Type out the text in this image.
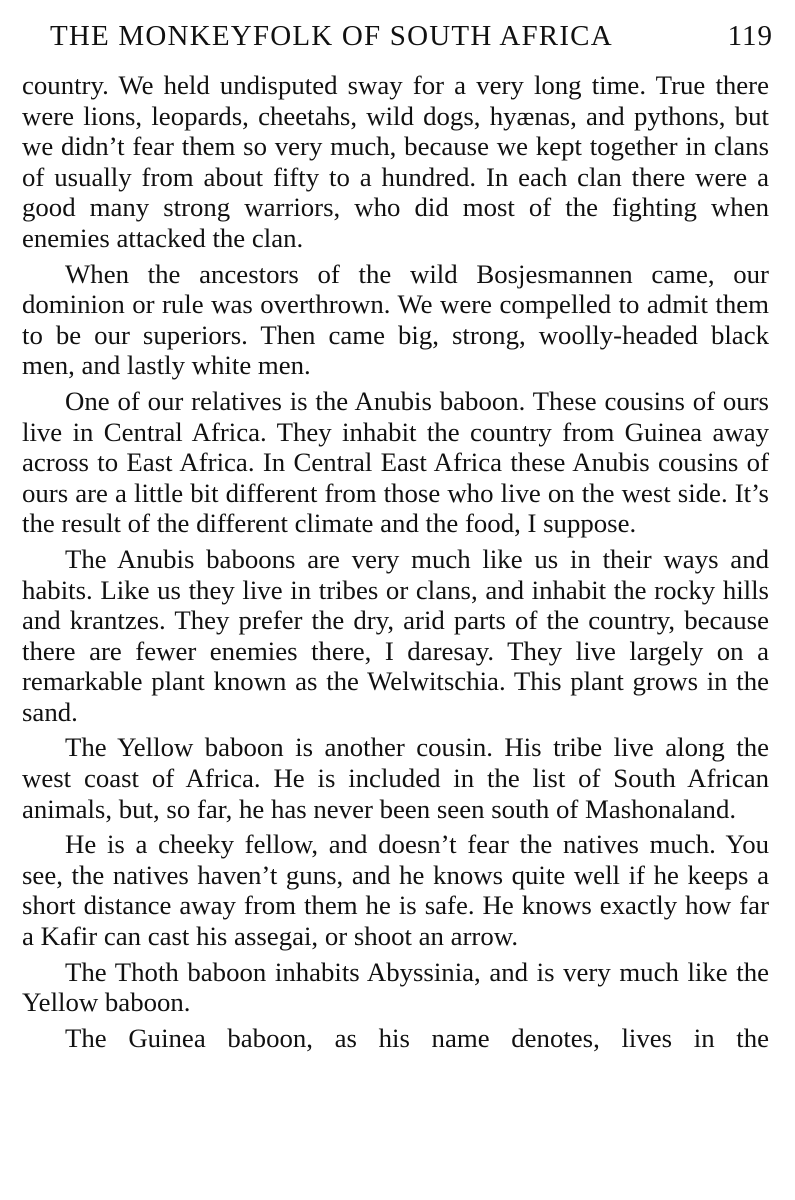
THE MONKEYFOLK OF SOUTH AFRICA	119

country. We held undisputed sway for a very long time. True there were lions, leopards, cheetahs, wild dogs, hyænas, and pythons, but we didn’t fear them so very much, because we kept together in clans of usually from about fifty to a hundred. In each clan there were a good many strong warriors, who did most of the fighting when enemies attacked the clan.

When the ancestors of the wild Bosjesmannen came, our dominion or rule was overthrown. We were compelled to admit them to be our superiors. Then came big, strong, woolly-headed black men, and lastly white men.

One of our relatives is the Anubis baboon. These cousins of ours live in Central Africa. They inhabit the country from Guinea away across to East Africa. In Central East Africa these Anubis cousins of ours are a little bit different from those who live on the west side. It’s the result of the different climate and the food, I suppose.

The Anubis baboons are very much like us in their ways and habits. Like us they live in tribes or clans, and inhabit the rocky hills and krantzes. They prefer the dry, arid parts of the country, because there are fewer enemies there, I daresay. They live largely on a remarkable plant known as the Welwitschia. This plant grows in the sand.

The Yellow baboon is another cousin. His tribe live along the west coast of Africa. He is included in the list of South African animals, but, so far, he has never been seen south of Mashonaland.

He is a cheeky fellow, and doesn’t fear the natives much. You see, the natives haven’t guns, and he knows quite well if he keeps a short distance away from them he is safe. He knows exactly how far a Kafir can cast his assegai, or shoot an arrow.

The Thoth baboon inhabits Abyssinia, and is very much like the Yellow baboon.

The Guinea baboon, as his name denotes, lives in the
